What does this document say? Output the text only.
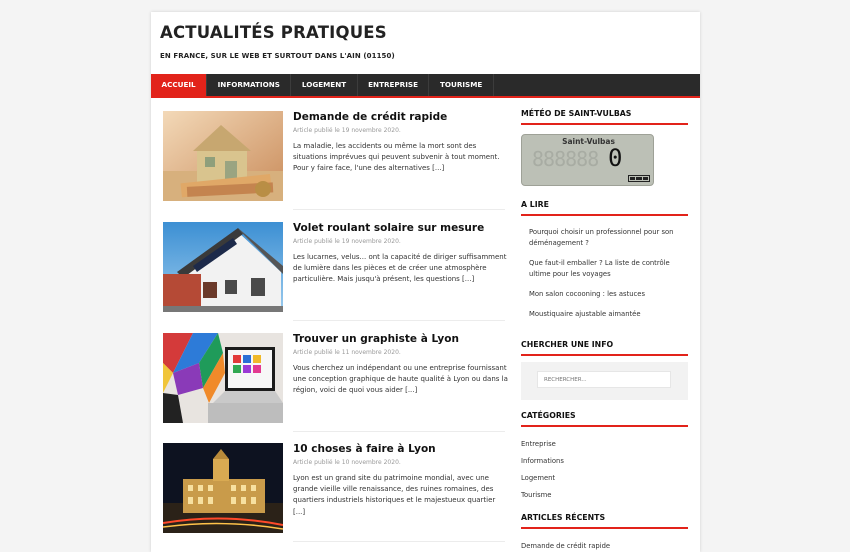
ACTUALITÉS PRATIQUES
EN FRANCE, SUR LE WEB ET SURTOUT DANS L'AIN (01150)
ACCUEIL	INFORMATIONS	LOGEMENT	ENTREPRISE	TOURISME
Demande de crédit rapide
Article publié le 19 novembre 2020.
La maladie, les accidents ou même la mort sont des situations imprévues qui peuvent subvenir à tout moment. Pour y faire face, l'une des alternatives [...]
Volet roulant solaire sur mesure
Article publié le 19 novembre 2020.
Les lucarnes, velus... ont la capacité de diriger suffisamment de lumière dans les pièces et de créer une atmosphère particulière. Mais jusqu'à présent, les questions [...]
Trouver un graphiste à Lyon
Article publié le 11 novembre 2020.
Vous cherchez un indépendant ou une entreprise fournissant une conception graphique de haute qualité à Lyon ou dans la région, voici de quoi vous aider [...]
10 choses à faire à Lyon
Article publié le 10 novembre 2020.
Lyon est un grand site du patrimoine mondial, avec une grande vieille ville renaissance, des ruines romaines, des quartiers industriels historiques et le majestueux quartier [...]
MÉTÉO DE SAINT-VULBAS
Saint-Vulbas
888888 0
A LIRE
Pourquoi choisir un professionnel pour son déménagement ?
Que faut-il emballer ? La liste de contrôle ultime pour les voyages
Mon salon cocooning : les astuces
Moustiquaire ajustable aimantée
CHERCHER UNE INFO
RECHERCHER...
CATÉGORIES
Entreprise
Informations
Logement
Tourisme
ARTICLES RÉCENTS
Demande de crédit rapide
